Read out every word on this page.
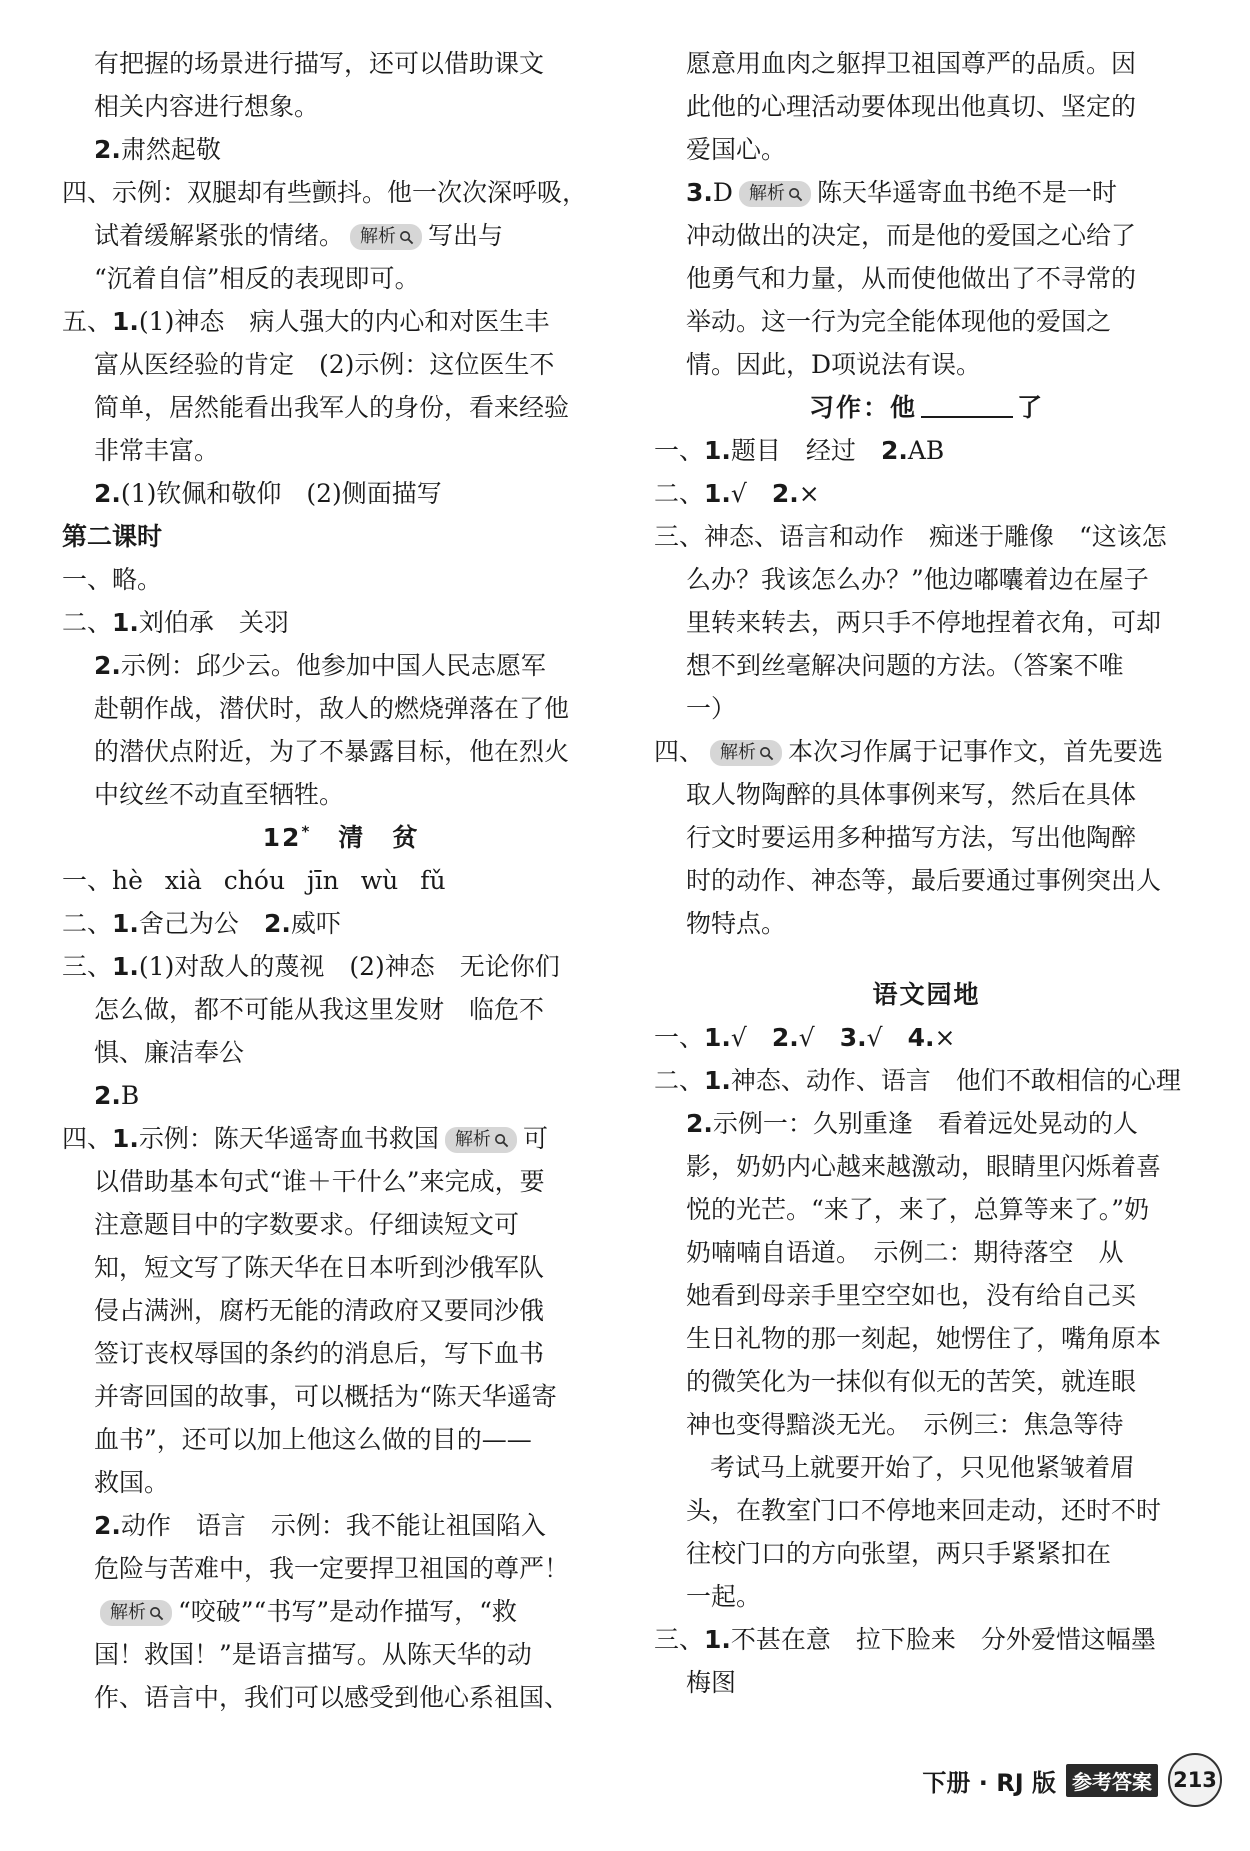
有把握的场景进行描写，还可以借助课文
相关内容进行想象。
2.肃然起敬
四、示例：双腿却有些颤抖。他一次次深呼吸，
试着缓解紧张的情绪。 解析 写出与
“沉着自信”相反的表现即可。
五、1.(1)神态　病人强大的内心和对医生丰
富从医经验的肯定　(2)示例：这位医生不
简单，居然能看出我军人的身份，看来经验
非常丰富。
2.(1)钦佩和敬仰　(2)侧面描写
第二课时
一、略。
二、1.刘伯承　关羽
2.示例：邱少云。他参加中国人民志愿军
赴朝作战，潜伏时，敌人的燃烧弹落在了他
的潜伏点附近，为了不暴露目标，他在烈火
中纹丝不动直至牺牲。
12*　 清　贫
一、hè xià chóu jīn wù fǔ
二、1.舍己为公　 2.威吓
三、1.(1)对敌人的蔑视　(2)神态　无论你们
怎么做，都不可能从我这里发财　临危不
惧、廉洁奉公
2.B
四、1.示例：陈天华遥寄血书救国 解析 可
以借助基本句式“谁＋干什么”来完成，要
注意题目中的字数要求。仔细读短文可
知，短文写了陈天华在日本听到沙俄军队
侵占满洲，腐朽无能的清政府又要同沙俄
签订丧权辱国的条约的消息后，写下血书
并寄回国的故事，可以概括为“陈天华遥寄
血书”，还可以加上他这么做的目的——
救国。
2.动作　语言　示例：我不能让祖国陷入
危险与苦难中，我一定要捍卫祖国的尊严！
解析 “咬破”“书写”是动作描写，“救
国！救国！”是语言描写。从陈天华的动
作、语言中，我们可以感受到他心系祖国、
愿意用血肉之躯捍卫祖国尊严的品质。因
此他的心理活动要体现出他真切、坚定的
爱国心。
3.D 解析 陈天华遥寄血书绝不是一时
冲动做出的决定，而是他的爱国之心给了
他勇气和力量，从而使他做出了不寻常的
举动。这一行为完全能体现他的爱国之
情。因此，D项说法有误。
习作：他	了
一、1.题目　经过　 2.AB
二、1.√　 2.×
三、神态、语言和动作　痴迷于雕像　“这该怎
么办？我该怎么办？”他边嘟囔着边在屋子
里转来转去，两只手不停地捏着衣角，可却
想不到丝毫解决问题的方法。（答案不唯
一）
四、 解析 本次习作属于记事作文，首先要选
取人物陶醉的具体事例来写，然后在具体
行文时要运用多种描写方法，写出他陶醉
时的动作、神态等，最后要通过事例突出人
物特点。
语文园地
一、1.√　 2.√　 3.√　 4.×
二、1.神态、动作、语言　他们不敢相信的心理
2.示例一：久别重逢　看着远处晃动的人
影，奶奶内心越来越激动，眼睛里闪烁着喜
悦的光芒。“来了，来了，总算等来了。”奶
奶喃喃自语道。　示例二：期待落空　从
她看到母亲手里空空如也，没有给自己买
生日礼物的那一刻起，她愣住了，嘴角原本
的微笑化为一抹似有似无的苦笑，就连眼
神也变得黯淡无光。　示例三：焦急等待
考试马上就要开始了，只见他紧皱着眉
头，在教室门口不停地来回走动，还时不时
往校门口的方向张望，两只手紧紧扣在
一起。
三、1.不甚在意　拉下脸来　分外爱惜这幅墨
梅图
下册 · RJ 版 参考答案 213
